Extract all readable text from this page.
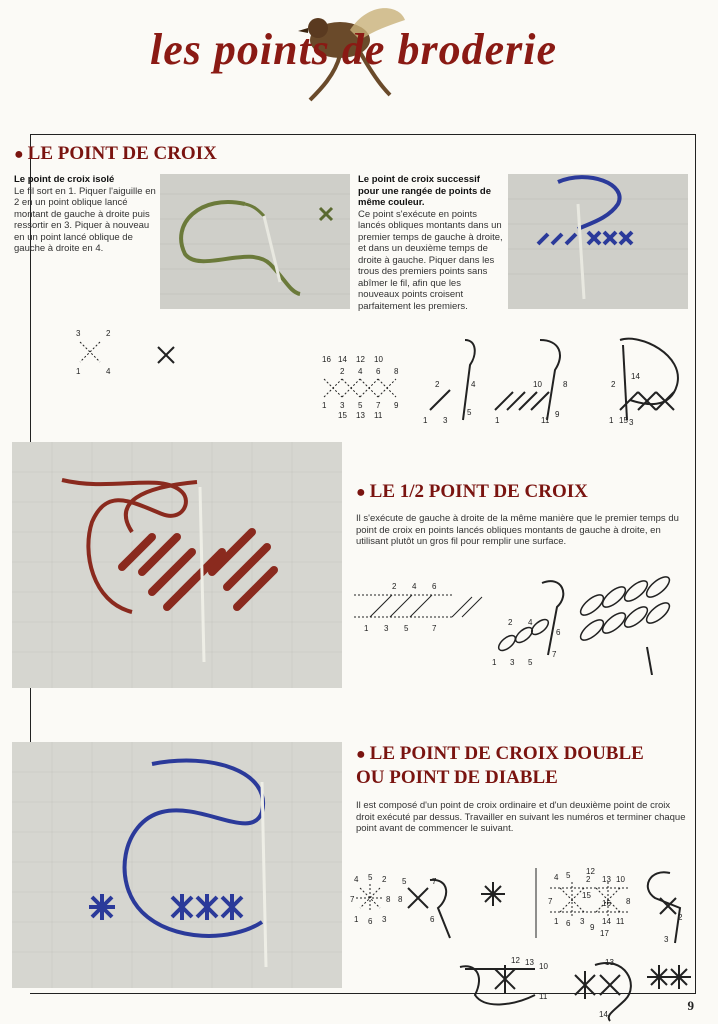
les points de broderie
● LE POINT DE CROIX
Le point de croix isolé
Le fil sort en 1. Piquer l'aiguille en 2 en un point oblique lancé montant de gauche à droite puis ressortir en 3. Piquer à nouveau en un point lancé oblique de gauche à droite en 4.
Le point de croix successif pour une rangée de points de même couleur.
Ce point s'exécute en points lancés obliques montants dans un premier temps de gauche à droite, et dans un deuxième temps de droite à gauche. Piquer dans les trous des premiers points sans abîmer le fil, afin que les nouveaux points croisent parfaitement les premiers.
3	2
1	4
16 14 12 10
2 4 6 8
1 3 5 7 9
15 13 11
2	4
1 3
5
10	8
1	11
9
2
14
1 15 3
● LE 1/2 POINT DE CROIX
Il s'exécute de gauche à droite de la même manière que le premier temps du point de croix en points lancés obliques montants de gauche à droite, en utilisant plutôt un gros fil pour remplir une surface.
2 4 6
1 3 5	7
2 4
6
1 3 5
7
● LE POINT DE CROIX DOUBLE
OU POINT DE DIABLE
Il est composé d'un point de croix ordinaire et d'un deuxième point de croix droit exécuté par dessus. Travailler en suivant les numéros et terminer chaque point avant de commencer le suivant.
4 5 2
7	8
1 6 3
5	7
8
6
4 5 12
2 13 10
15
16
7	8
1 6 3
9
14 11
17
2
3
12 13 10
11
13
14
9
